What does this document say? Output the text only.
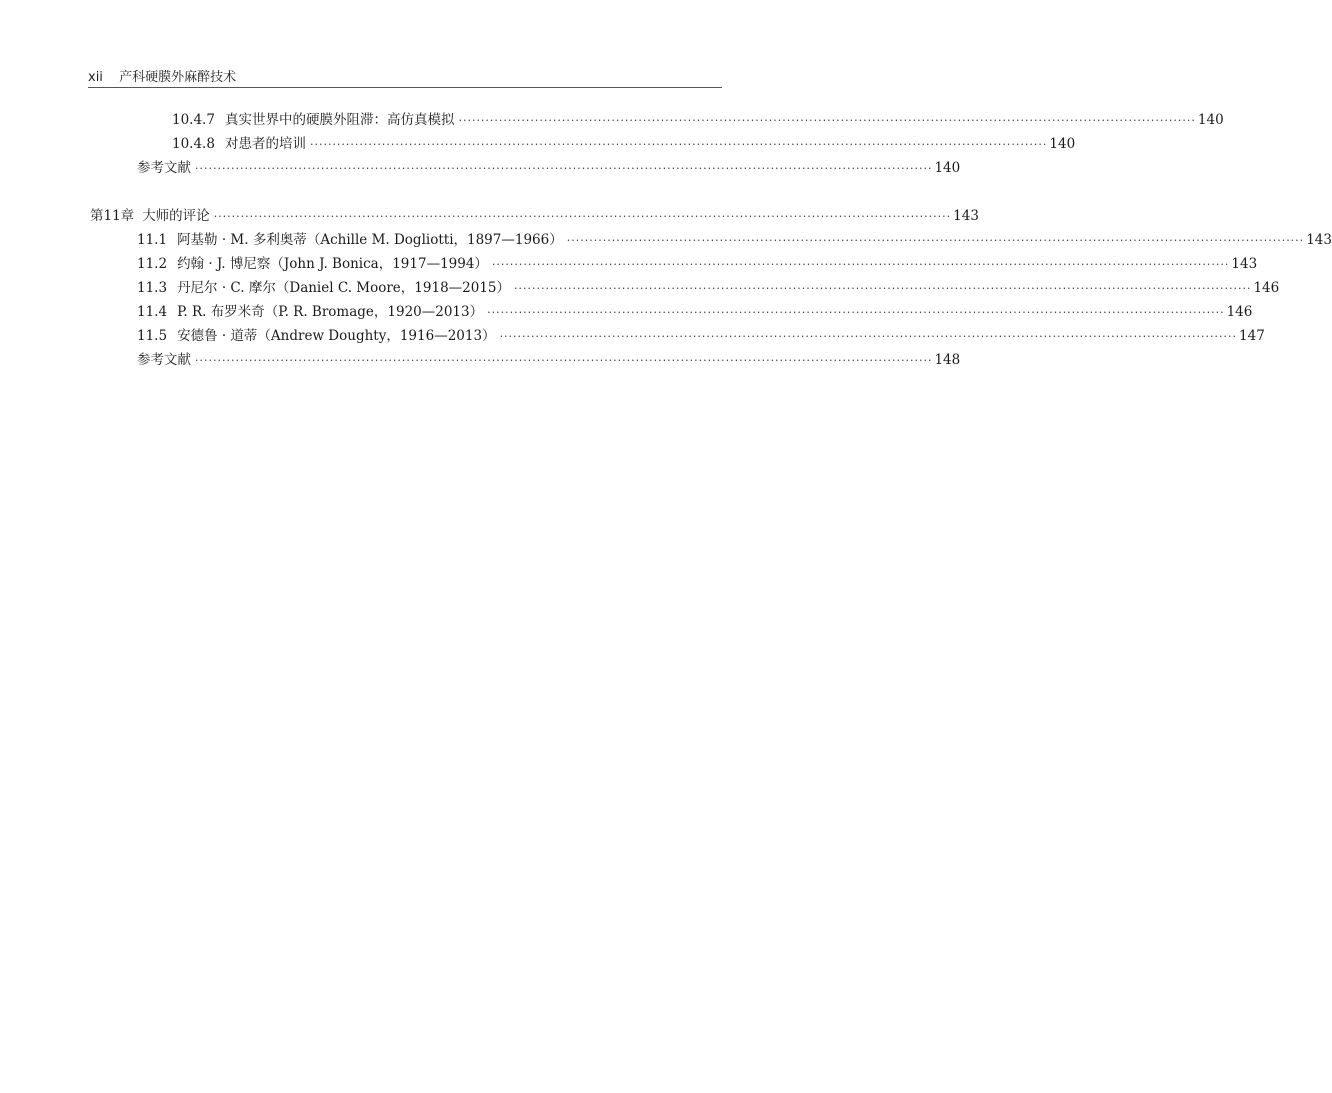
xii 产科硬膜外麻醉技术
10.4.7 真实世界中的硬膜外阻滞：高仿真模拟 ·····	140
10.4.8 对患者的培训 ·····	140
参考文献 ·····	140
第11章 大师的评论 ·····	143
11.1 阿基勒 · M. 多利奥蒂（Achille M. Dogliotti，1897—1966） ·····	143
11.2 约翰 · J. 博尼察（John J. Bonica，1917—1994） ·····	143
11.3 丹尼尔 · C. 摩尔（Daniel C. Moore，1918—2015） ·····	146
11.4 P. R. 布罗米奇（P. R. Bromage，1920—2013） ·····	146
11.5 安德鲁 · 道蒂（Andrew Doughty，1916—2013） ·····	147
参考文献 ·····	148
